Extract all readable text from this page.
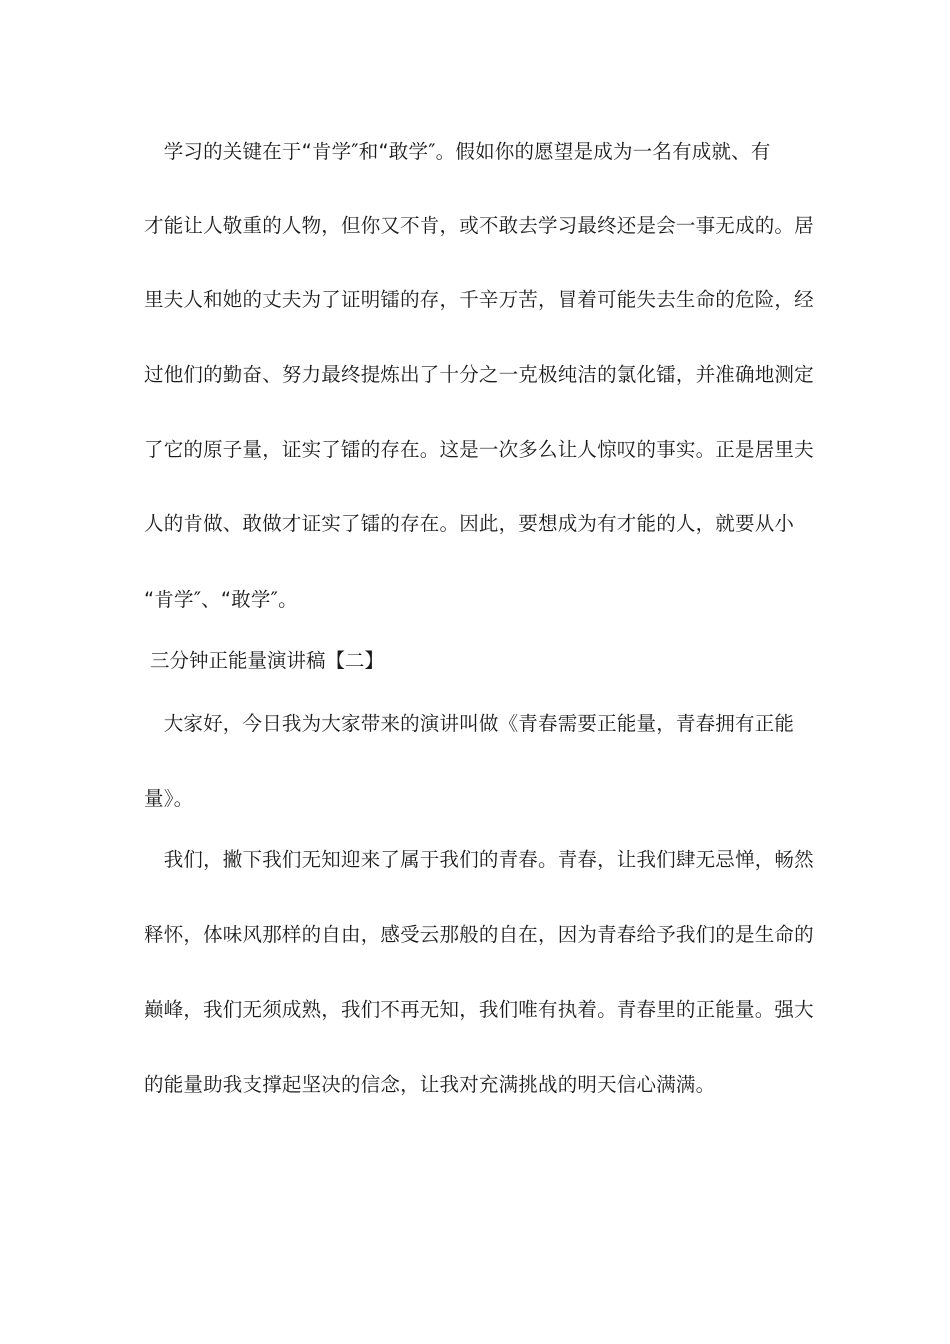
　学习的关键在于“肯学″和“敢学″。假如你的愿望是成为一名有成就、有
才能让人敬重的人物，但你又不肯，或不敢去学习最终还是会一事无成的。居
里夫人和她的丈夫为了证明镭的存，千辛万苦，冒着可能失去生命的危险，经
过他们的勤奋、努力最终提炼出了十分之一克极纯洁的氯化镭，并准确地测定
了它的原子量，证实了镭的存在。这是一次多么让人惊叹的事实。正是居里夫
人的肯做、敢做才证实了镭的存在。因此，要想成为有才能的人，就要从小
“肯学″、“敢学″。
三分钟正能量演讲稿【二】
　大家好，今日我为大家带来的演讲叫做《青春需要正能量，青春拥有正能
量》。
　我们，撇下我们无知迎来了属于我们的青春。青春，让我们肆无忌惮，畅然
释怀，体味风那样的自由，感受云那般的自在，因为青春给予我们的是生命的
巅峰，我们无须成熟，我们不再无知，我们唯有执着。青春里的正能量。强大
的能量助我支撑起坚决的信念，让我对充满挑战的明天信心满满。
